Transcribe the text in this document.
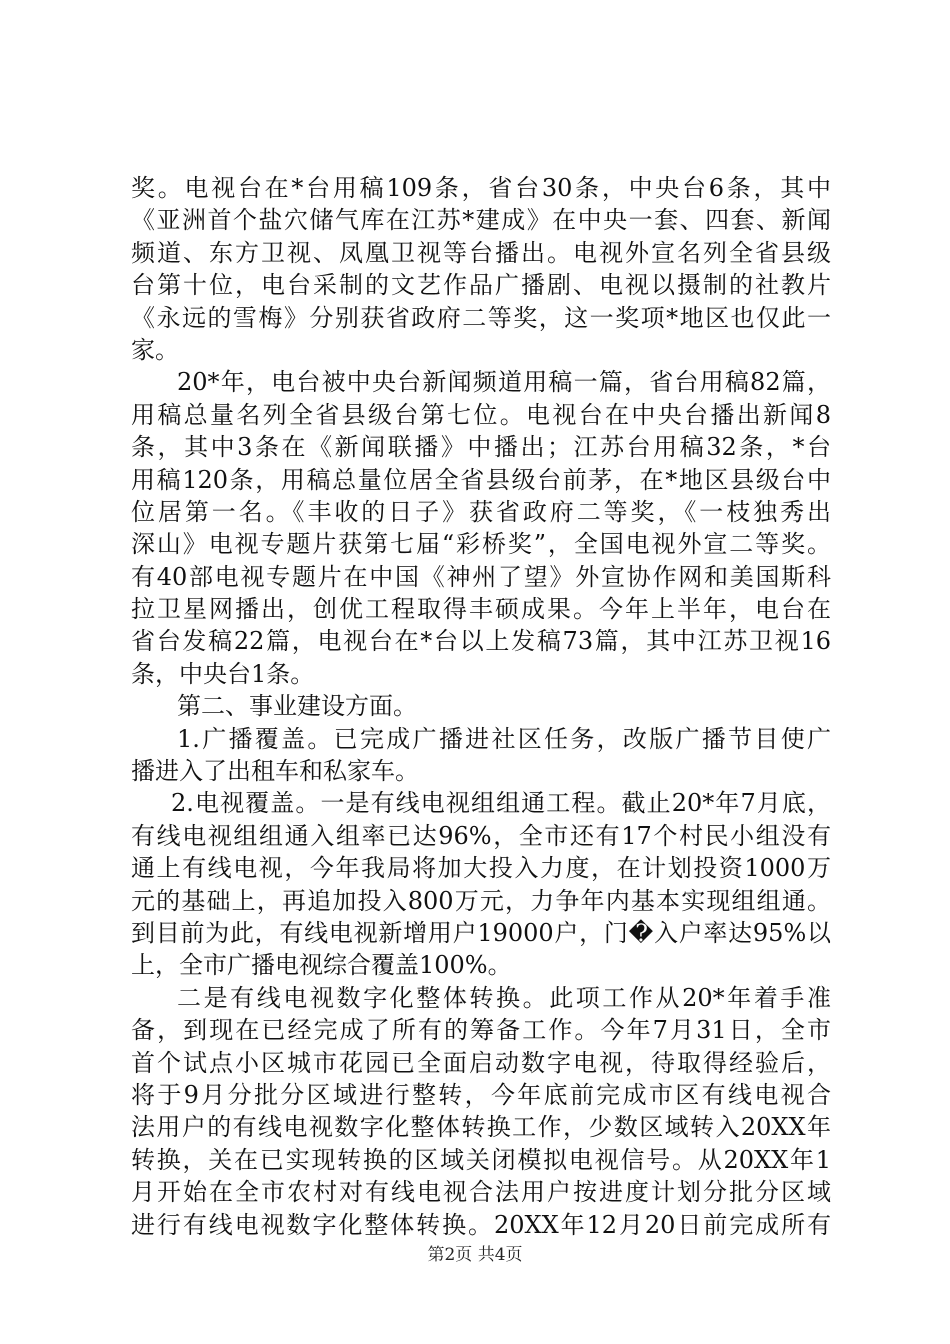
奖。电视台在*台用稿109条，省台30条，中央台6条，其中
《亚洲首个盐穴储气库在江苏*建成》在中央一套、四套、新闻
频道、东方卫视、凤凰卫视等台播出。电视外宣名列全省县级
台第十位，电台采制的文艺作品广播剧、电视以摄制的社教片
《永远的雪梅》分别获省政府二等奖，这一奖项*地区也仅此一
家。
20*年，电台被中央台新闻频道用稿一篇，省台用稿82篇，
用稿总量名列全省县级台第七位。电视台在中央台播出新闻8
条，其中3条在《新闻联播》中播出；江苏台用稿32条，*台
用稿120条，用稿总量位居全省县级台前茅，在*地区县级台中
位居第一名。《丰收的日子》获省政府二等奖，《一枝独秀出
深山》电视专题片获第七届“彩桥奖”，全国电视外宣二等奖。
有40部电视专题片在中国《神州了望》外宣协作网和美国斯科
拉卫星网播出，创优工程取得丰硕成果。今年上半年，电台在
省台发稿22篇，电视台在*台以上发稿73篇，其中江苏卫视16
条，中央台1条。
第二、事业建设方面。
1.广播覆盖。已完成广播进社区任务，改版广播节目使广
播进入了出租车和私家车。
2.电视覆盖。一是有线电视组组通工程。截止20*年7月底，
有线电视组组通入组率已达96%，全市还有17个村民小组没有
通上有线电视，今年我局将加大投入力度，在计划投资1000万
元的基础上，再追加投入800万元，力争年内基本实现组组通。
到目前为此，有线电视新增用户19000户，门�入户率达95%以
上，全市广播电视综合覆盖100%。
二是有线电视数字化整体转换。此项工作从20*年着手准
备，到现在已经完成了所有的筹备工作。今年7月31日，全市
首个试点小区城市花园已全面启动数字电视，待取得经验后，
将于9月分批分区域进行整转，今年底前完成市区有线电视合
法用户的有线电视数字化整体转换工作，少数区域转入20XX年
转换，关在已实现转换的区域关闭模拟电视信号。从20XX年1
月开始在全市农村对有线电视合法用户按进度计划分批分区域
进行有线电视数字化整体转换。20XX年12月20日前完成所有
第2页 共4页
